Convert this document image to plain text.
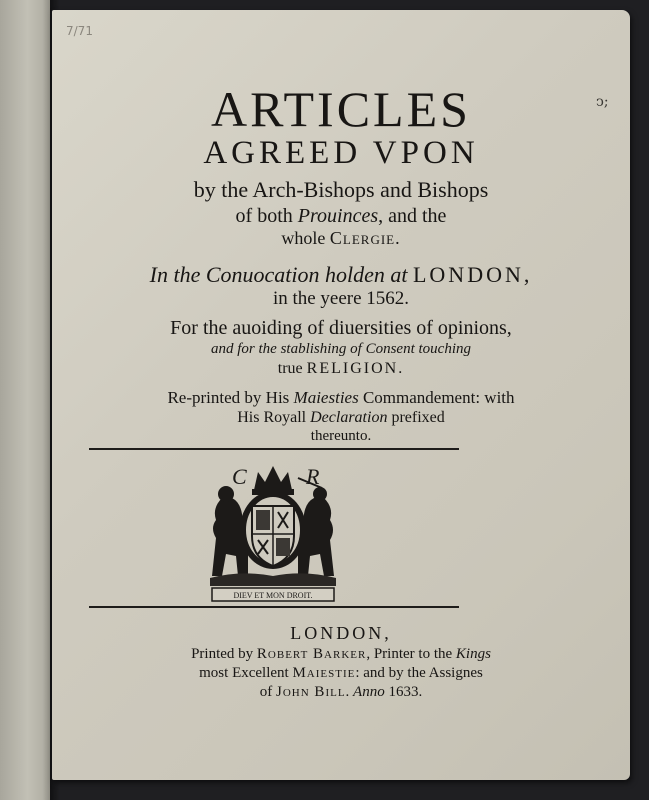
7/71
ↄ;
ARTICLES
AGREED VPON
by the Arch-Bishops and Bishops
of both Prouinces, and the
whole Clergie.
In the Conuocation holden at LONDON,
in the yeere 1562.
For the auoiding of diuersities of opinions,
and for the stablishing of Consent touching
true RELIGION.
Re-printed by His Maiesties Commandement: with
His Royall Declaration prefixed
thereunto.
C	R
DIEV ET MON DROIT.
LONDON,
Printed by Robert Barker, Printer to the Kings
most Excellent Maiestie: and by the Assignes
of John Bill. Anno 1633.
